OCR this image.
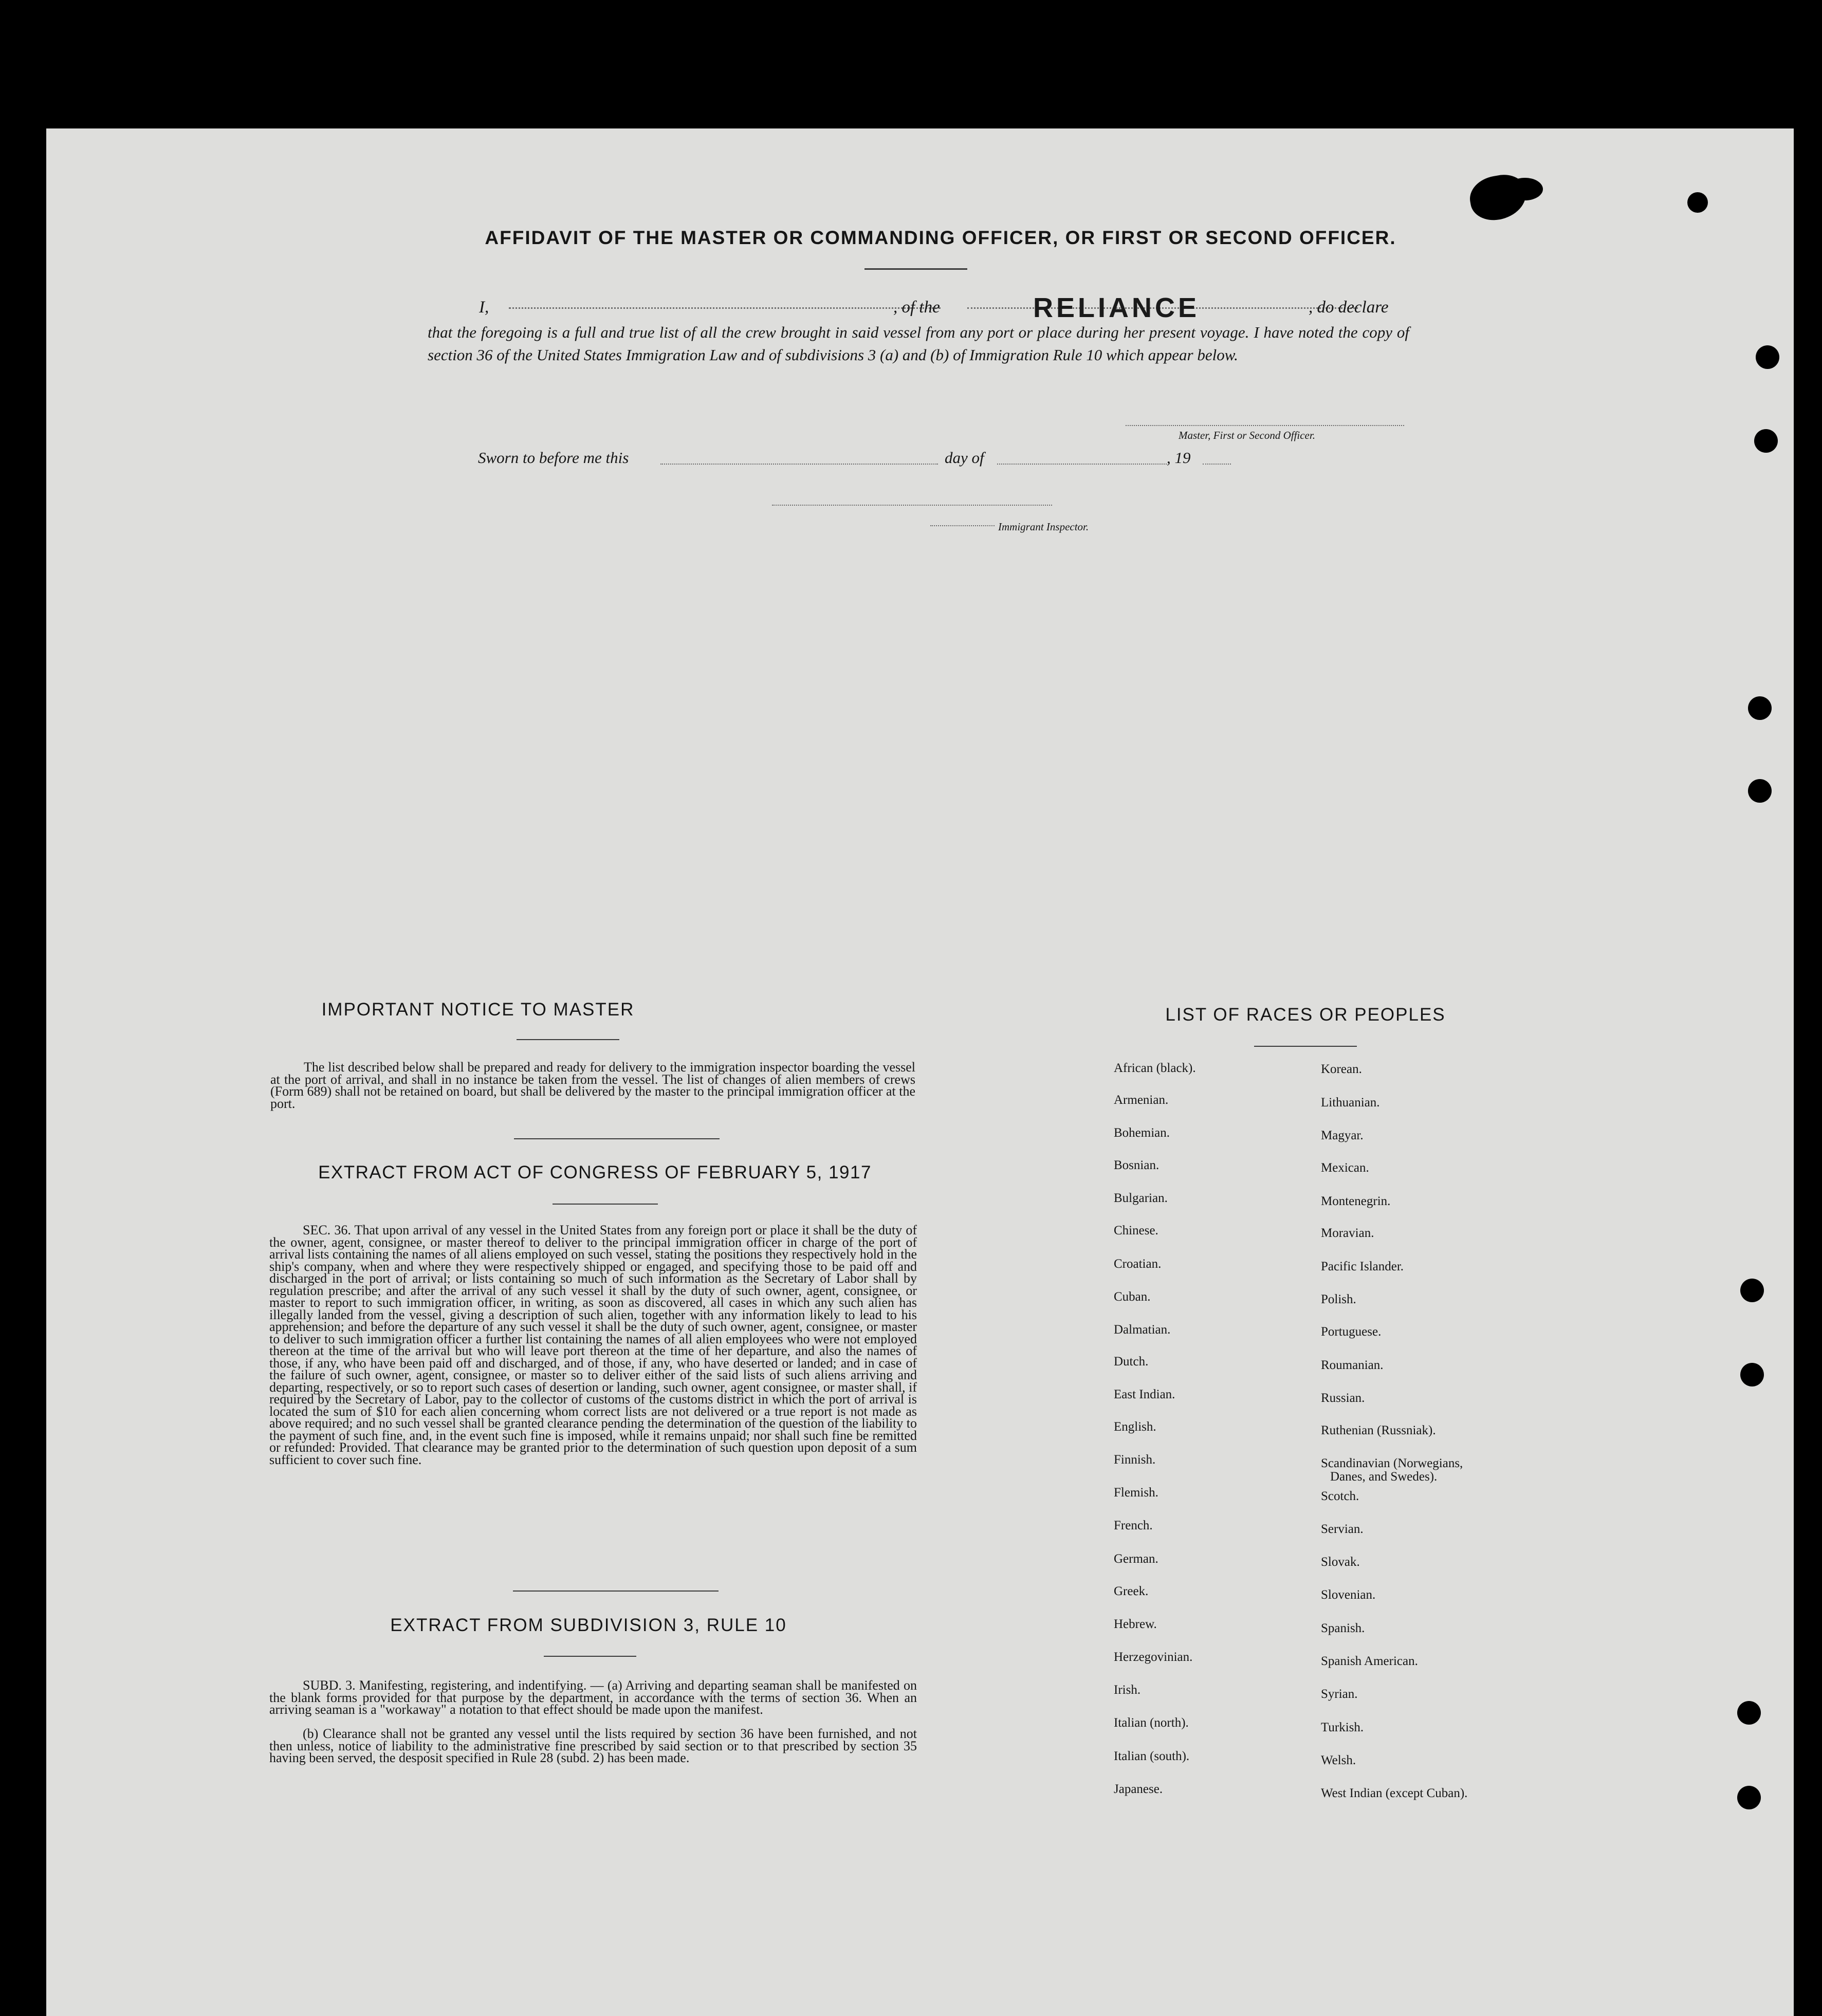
AFFIDAVIT OF THE MASTER OR COMMANDING OFFICER, OR FIRST OR SECOND OFFICER.
I,	, of the	RELIANCE	, do declare
that the foregoing is a full and true list of all the crew brought in said vessel from any port or place during her present voyage. I have noted the copy of section 36 of the United States Immigration Law and of subdivisions 3 (a) and (b) of Immigration Rule 10 which appear below.
Master, First or Second Officer.
Sworn to before me this	day of	, 19
Immigrant Inspector.
IMPORTANT NOTICE TO MASTER
The list described below shall be prepared and ready for delivery to the immigration inspector boarding the vessel at the port of arrival, and shall in no instance be taken from the vessel. The list of changes of alien members of crews (Form 689) shall not be retained on board, but shall be delivered by the master to the principal immigration officer at the port.
EXTRACT FROM ACT OF CONGRESS OF FEBRUARY 5, 1917
SEC. 36. That upon arrival of any vessel in the United States from any foreign port or place it shall be the duty of the owner, agent, consignee, or master thereof to deliver to the principal immigration officer in charge of the port of arrival lists containing the names of all aliens employed on such vessel, stating the positions they respectively hold in the ship's company, when and where they were respectively shipped or engaged, and specifying those to be paid off and discharged in the port of arrival; or lists containing so much of such information as the Secretary of Labor shall by regulation prescribe; and after the arrival of any such vessel it shall by the duty of such owner, agent, consignee, or master to report to such immigration officer, in writing, as soon as discovered, all cases in which any such alien has illegally landed from the vessel, giving a description of such alien, together with any information likely to lead to his apprehension; and before the departure of any such vessel it shall be the duty of such owner, agent, consignee, or master to deliver to such immigration officer a further list containing the names of all alien employees who were not employed thereon at the time of the arrival but who will leave port thereon at the time of her departure, and also the names of those, if any, who have been paid off and discharged, and of those, if any, who have deserted or landed; and in case of the failure of such owner, agent, consignee, or master so to deliver either of the said lists of such aliens arriving and departing, respectively, or so to report such cases of desertion or landing, such owner, agent consignee, or master shall, if required by the Secretary of Labor, pay to the collector of customs of the customs district in which the port of arrival is located the sum of $10 for each alien concerning whom correct lists are not delivered or a true report is not made as above required; and no such vessel shall be granted clearance pending the determination of the question of the liability to the payment of such fine, and, in the event such fine is imposed, while it remains unpaid; nor shall such fine be remitted or refunded: Provided. That clearance may be granted prior to the determination of such question upon deposit of a sum sufficient to cover such fine.
EXTRACT FROM SUBDIVISION 3, RULE 10
SUBD. 3. Manifesting, registering, and indentifying. — (a) Arriving and departing seaman shall be manifested on the blank forms provided for that purpose by the department, in accordance with the terms of section 36. When an arriving seaman is a "workaway" a notation to that effect should be made upon the manifest.
(b) Clearance shall not be granted any vessel until the lists required by section 36 have been furnished, and not then unless, notice of liability to the administrative fine prescribed by said section or to that prescribed by section 35 having been served, the desposit specified in Rule 28 (subd. 2) has been made.
LIST OF RACES OR PEOPLES
African (black).
Armenian.
Bohemian.
Bosnian.
Bulgarian.
Chinese.
Croatian.
Cuban.
Dalmatian.
Dutch.
East Indian.
English.
Finnish.
Flemish.
French.
German.
Greek.
Hebrew.
Herzegovinian.
Irish.
Italian (north).
Italian (south).
Japanese.
Korean.
Lithuanian.
Magyar.
Mexican.
Montenegrin.
Moravian.
Pacific Islander.
Polish.
Portuguese.
Roumanian.
Russian.
Ruthenian (Russniak).
Scandinavian (Norwegians,
Scotch.
Servian.
Slovak.
Slovenian.
Spanish.
Spanish American.
Syrian.
Turkish.
Welsh.
West Indian (except Cuban).
Danes, and Swedes).
